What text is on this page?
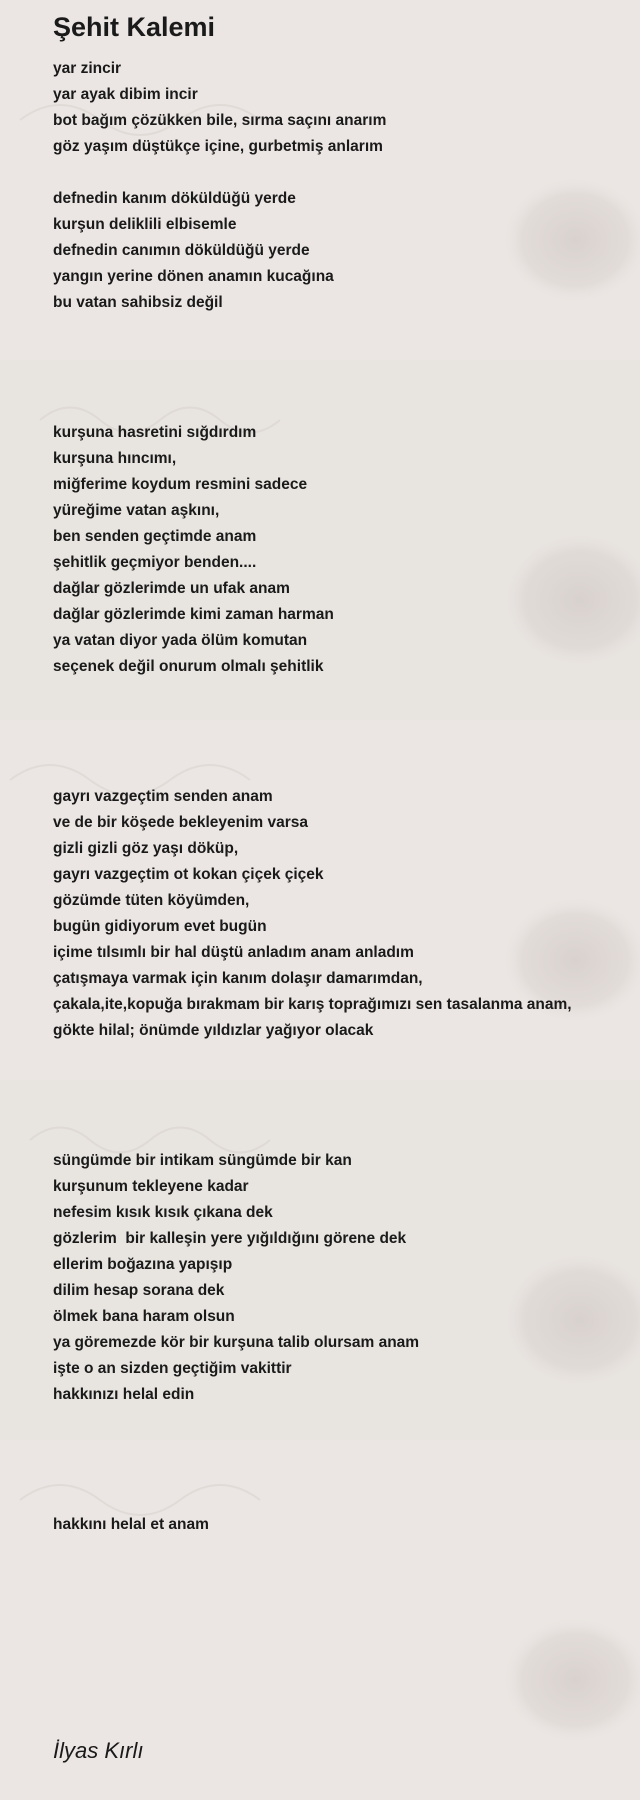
Şehit Kalemi
yar zincir
yar ayak dibim incir
bot bağım çözükken bile, sırma saçını anarım
göz yaşım düştükçe içine, gurbetmiş anlarım
defnedin kanım döküldüğü yerde
kurşun deliklili elbisemle
defnedin canımın döküldüğü yerde
yangın yerine dönen anamın kucağına
bu vatan sahibsiz değil
kurşuna hasretini sığdırdım
kurşuna hıncımı,
miğferime koydum resmini sadece
yüreğime vatan aşkını,
ben senden geçtimde anam
şehitlik geçmiyor benden....
dağlar gözlerimde un ufak anam
dağlar gözlerimde kimi zaman harman
ya vatan diyor yada ölüm komutan
seçenek değil onurum olmalı şehitlik
gayrı vazgeçtim senden anam
ve de bir köşede bekleyenim varsa
gizli gizli göz yaşı döküp,
gayrı vazgeçtim ot kokan çiçek çiçek
gözümde tüten köyümden,
bugün gidiyorum evet bugün
içime tılsımlı bir hal düştü anladım anam anladım
çatışmaya varmak için kanım dolaşır damarımdan,
çakala,ite,kopuğa bırakmam bir karış toprağımızı sen tasalanma anam,
gökte hilal; önümde yıldızlar yağıyor olacak
süngümde bir intikam süngümde bir kan
kurşunum tekleyene kadar
nefesim kısık kısık çıkana dek
gözlerim  bir kalleşin yere yığıldığını görene dek
ellerim boğazına yapışıp
dilim hesap sorana dek
ölmek bana haram olsun
ya göremezde kör bir kurşuna talib olursam anam
işte o an sizden geçtiğim vakittir
hakkınızı helal edin
hakkını helal et anam
İlyas Kırlı
